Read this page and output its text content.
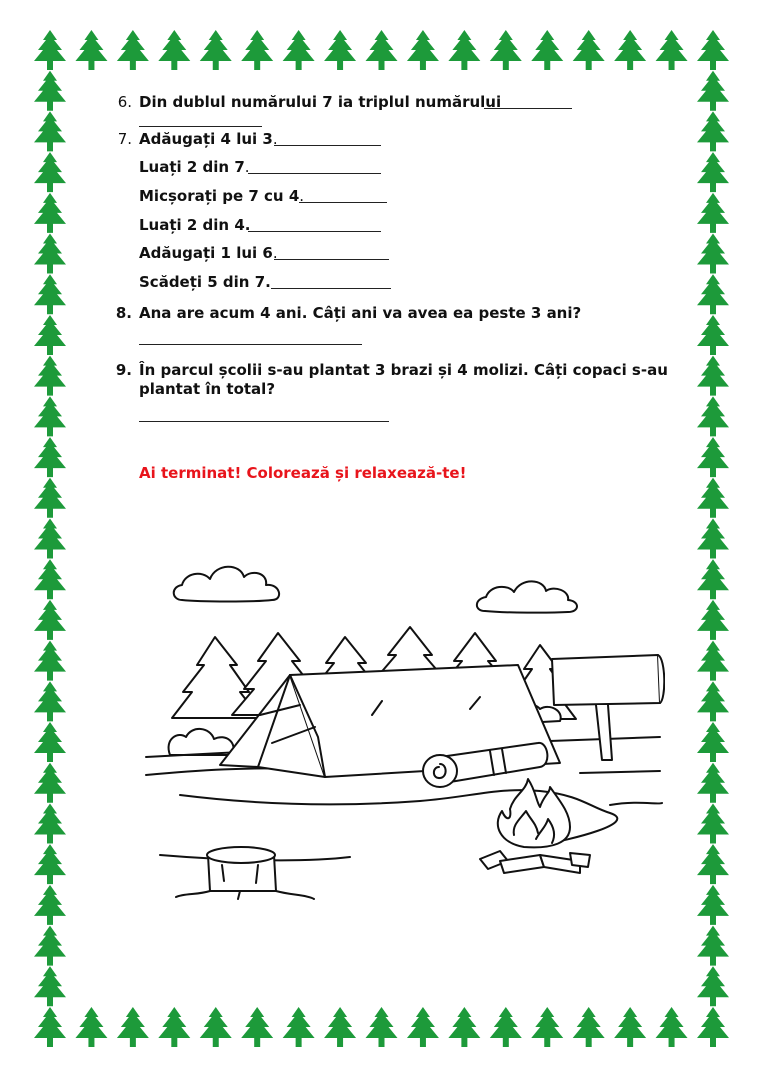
6. Din dublul numărului 7 ia triplul numărului
7. Adăugați 4 lui 3.
Luați 2 din 7.
Micșorați pe 7 cu 4.
Luați 2 din 4.
Adăugați 1 lui 6.
Scădeți 5 din 7.
8. Ana are acum 4 ani. Câți ani va avea ea peste 3 ani?
9. În parcul școlii s-au plantat 3 brazi și 4 molizi. Câți copaci s-au
plantat în total?
Ai terminat! Colorează și relaxează-te!
